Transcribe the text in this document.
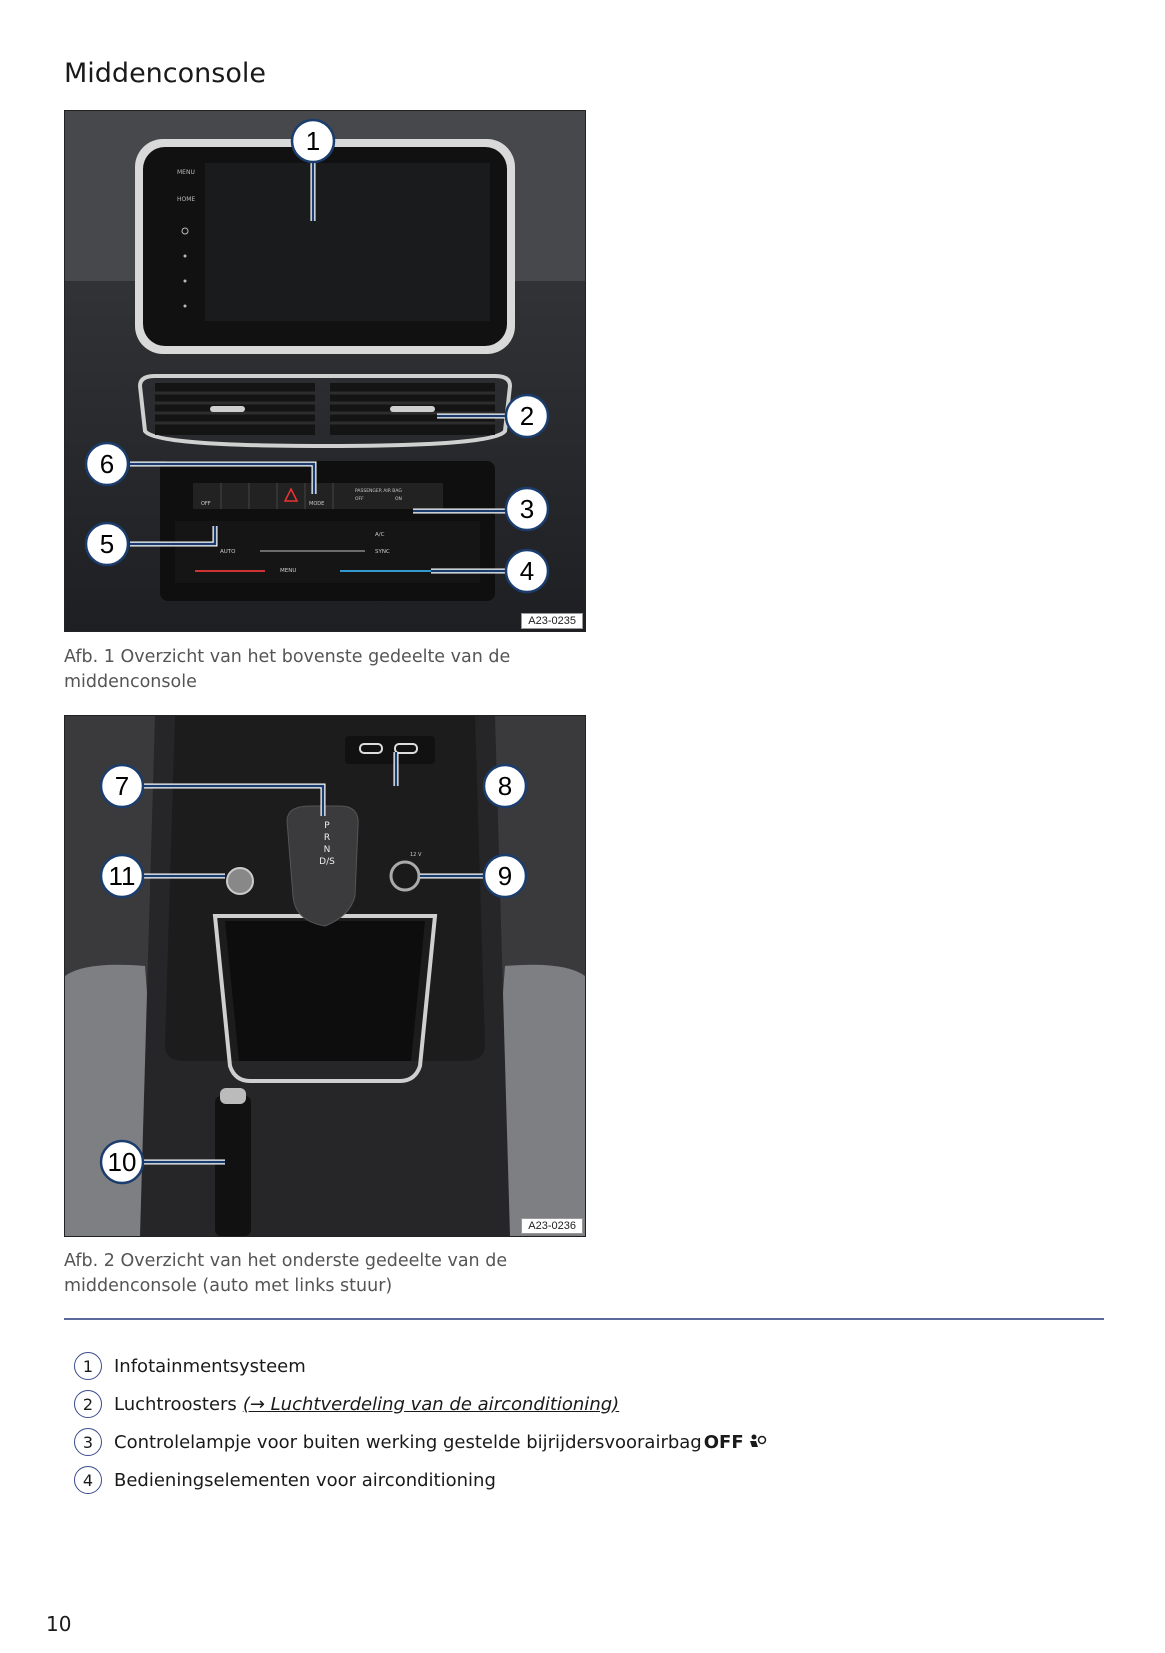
Middenconsole
MENU
HOME
OFF	MODE
PASSENGER AIR BAG
OFF	ON
A/C
AUTO	SYNC
MENU
1
2
3
4
5
6
A23-0235
Afb. 1 Overzicht van het bovenste gedeelte van de middenconsole
P
R
N
D/S
12 V
7	8
9
10
11
A23-0236
Afb. 2 Overzicht van het onderste gedeelte van de middenconsole (auto met links stuur)
1	Infotainmentsysteem
2	Luchtroosters (→ Luchtverdeling van de airconditioning)
3	Controlelampje voor buiten werking gestelde bijrijdersvoorairbag OFF
4	Bedieningselementen voor airconditioning
10
